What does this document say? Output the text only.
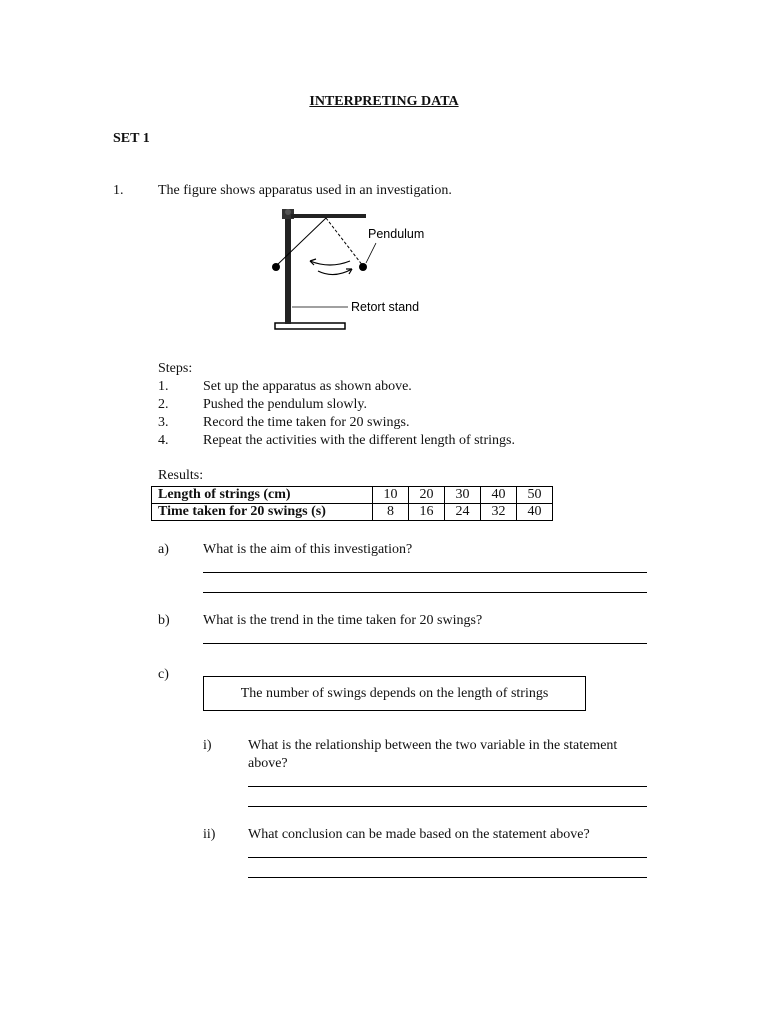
INTERPRETING DATA
SET 1
1. The figure shows apparatus used in an investigation.
Pendulum
Retort stand
Steps:
1. Set up the apparatus as shown above.
2. Pushed the pendulum slowly.
3. Record the time taken for 20 swings.
4. Repeat the activities with the different length of strings.
Results:
Length of strings (cm)	10	20	30	40	50
Time taken for 20 swings (s)	8	16	24	32	40
a) What is the aim of this investigation?
b) What is the trend in the time taken for 20 swings?
c)
The number of swings depends on the length of strings
i)	What is the relationship between the two variable in the statement
above?
ii) What conclusion can be made based on the statement above?
